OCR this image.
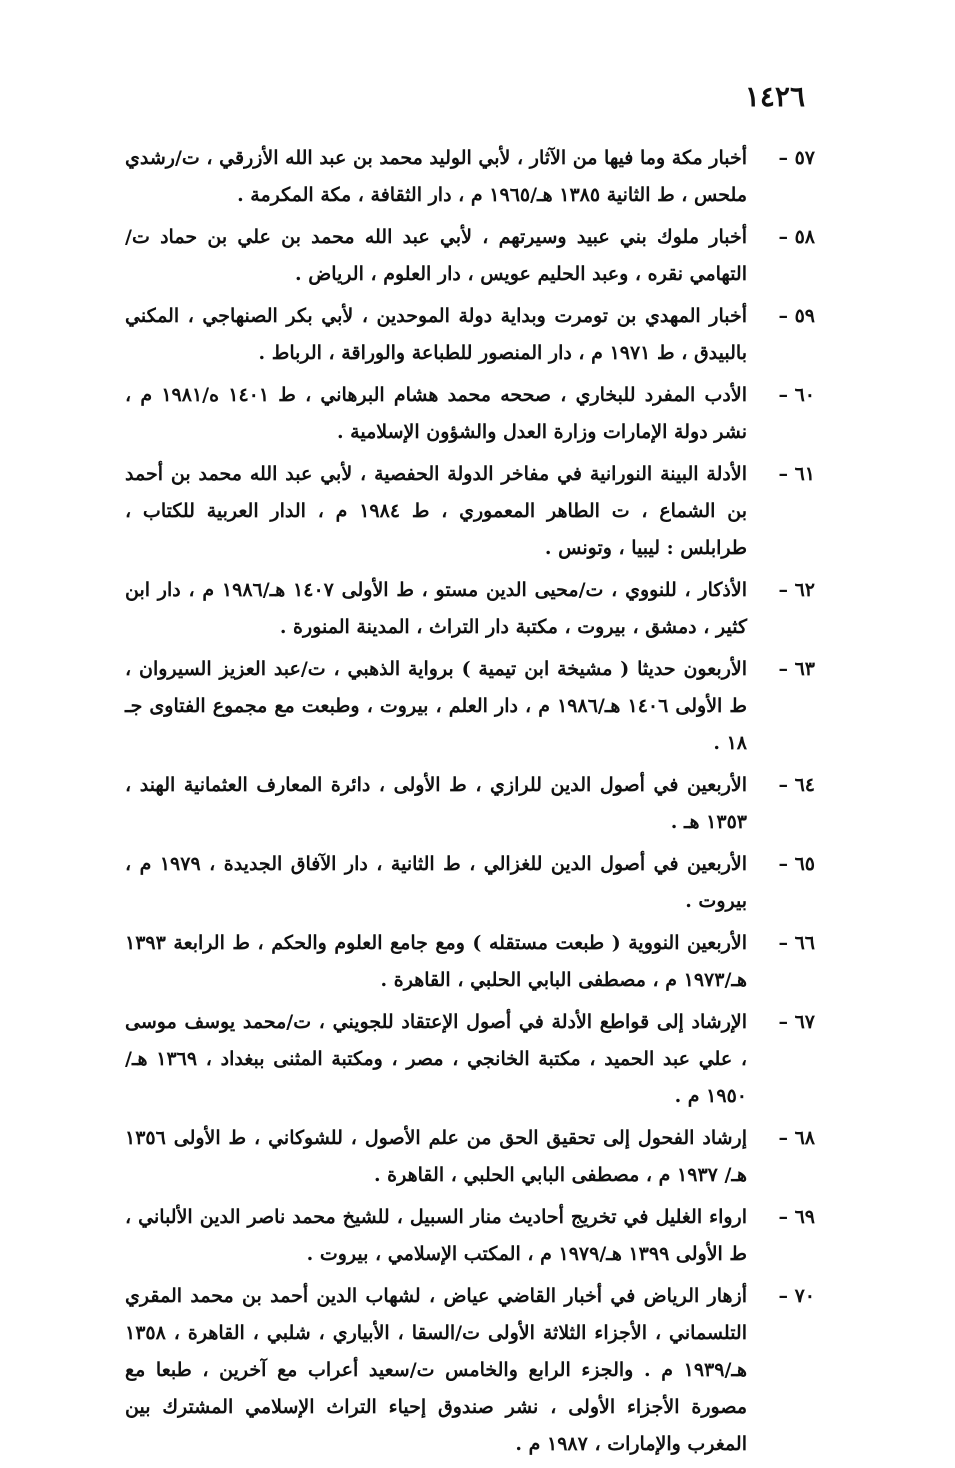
١٤٢٦
٥٧ –
أخبار مكة وما فيها من الآثار ، لأبي الوليد محمد بن عبد الله الأزرقي ، ت/رشدي ملحس ، ط الثانية ١٣٨٥ هـ/١٩٦٥ م ، دار الثقافة ، مكة المكرمة .
٥٨ –
أخبار ملوك بني عبيد وسيرتهم ، لأبي عبد الله محمد بن علي بن حماد ت/التهامي نقره ، وعبد الحليم عويس ، دار العلوم ، الرياض .
٥٩ –
أخبار المهدي بن تومرت وبداية دولة الموحدين ، لأبي بكر الصنهاجي ، المكني بالبيدق ، ط ١٩٧١ م ، دار المنصور للطباعة والوراقة ، الرباط .
٦٠ –
الأدب المفرد للبخاري ، صححه محمد هشام البرهاني ، ط ١٤٠١ ه/١٩٨١ م ، نشر دولة الإمارات وزارة العدل والشؤون الإسلامية .
٦١ –
الأدلة البينة النورانية في مفاخر الدولة الحفصية ، لأبي عبد الله محمد بن أحمد بن الشماع ، ت الطاهر المعموري ، ط ١٩٨٤ م ، الدار العربية للكتاب ، طرابلس : ليبيا ، وتونس .
٦٢ –
الأذكار ، للنووي ، ت/محيى الدين مستو ، ط الأولى ١٤٠٧ هـ/١٩٨٦ م ، دار ابن كثير ، دمشق ، بيروت ، مكتبة دار التراث ، المدينة المنورة .
٦٣ –
الأربعون حديثا ( مشيخة ابن تيمية ) برواية الذهبي ، ت/عبد العزيز السيروان ، ط الأولى ١٤٠٦ هـ/١٩٨٦ م ، دار العلم ، بيروت ، وطبعت مع مجموع الفتاوى جـ ١٨ .
٦٤ –
الأربعين في أصول الدين للرازي ، ط الأولى ، دائرة المعارف العثمانية الهند ، ١٣٥٣ هـ .
٦٥ –
الأربعين في أصول الدين للغزالي ، ط الثانية ، دار الآفاق الجديدة ، ١٩٧٩ م ، بيروت .
٦٦ –
الأربعين النووية ( طبعت مستقله ) ومع جامع العلوم والحكم ، ط الرابعة ١٣٩٣ هـ/١٩٧٣ م ، مصطفى البابي الحلبي ، القاهرة .
٦٧ –
الإرشاد إلى قواطع الأدلة في أصول الإعتقاد للجويني ، ت/محمد يوسف موسى ، علي عبد الحميد ، مكتبة الخانجي ، مصر ، ومكتبة المثنى ببغداد ، ١٣٦٩ هـ/١٩٥٠ م .
٦٨ –
إرشاد الفحول إلى تحقيق الحق من علم الأصول ، للشوكاني ، ط الأولى ١٣٥٦ هـ/ ١٩٣٧ م ، مصطفى البابي الحلبي ، القاهرة .
٦٩ –
ارواء الغليل في تخريج أحاديث منار السبيل ، للشيخ محمد ناصر الدين الألباني ، ط الأولى ١٣٩٩ هـ/١٩٧٩ م ، المكتب الإسلامي ، بيروت .
٧٠ –
أزهار الرياض في أخبار القاضي عياض ، لشهاب الدين أحمد بن محمد المقري التلسماني ، الأجزاء الثلاثة الأولى ت/السقا ، الأبياري ، شلبي ، القاهرة ، ١٣٥٨ هـ/١٩٣٩ م . والجزء الرابع والخامس ت/سعيد أعراب مع آخرين ، طبعا مع مصورة الأجزاء الأولى ، نشر صندوق إحياء التراث الإسلامي المشترك بين المغرب والإمارات ، ١٩٨٧ م .
